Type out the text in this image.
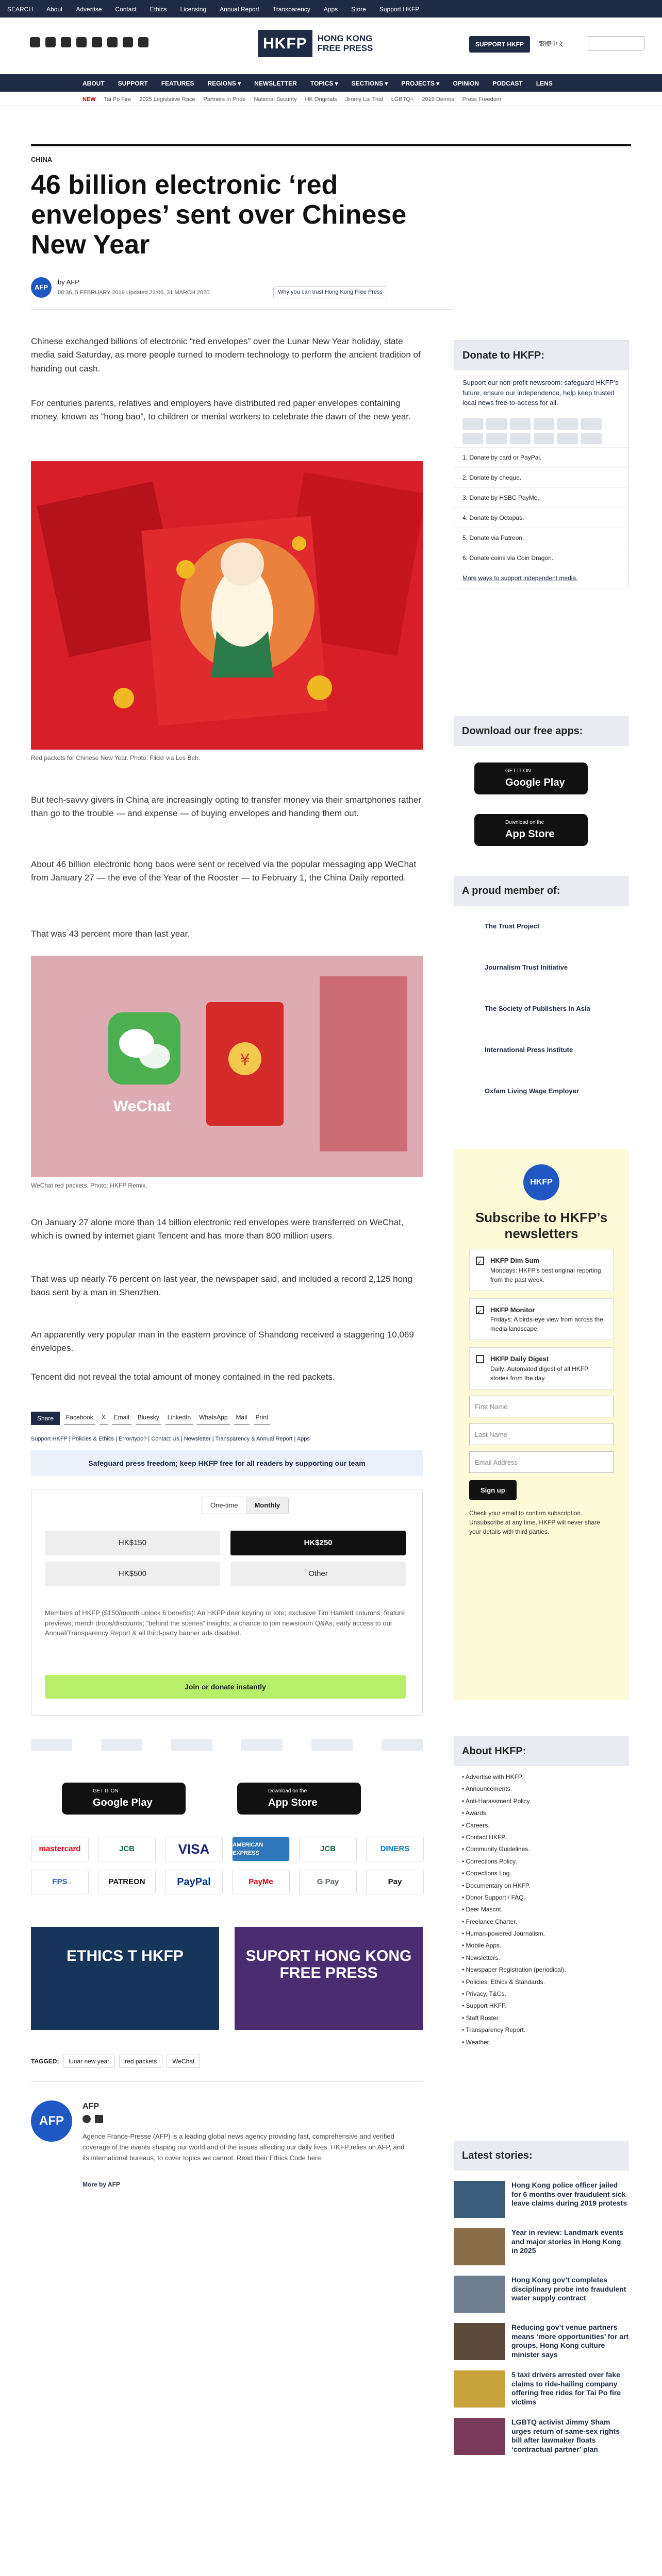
SEARCH About Advertise Contact Ethics Licensing Annual Report Transparency Apps Store Support HKFP
HKFP	HONG KONG
FREE PRESS	SUPPORT HKFP	繁體中文
ABOUT SUPPORT FEATURES REGIONS ▾ NEWSLETTER TOPICS ▾ SECTIONS ▾ PROJECTS ▾ OPINION PODCAST LENS
NEW Tai Po Fire 2025 Legislative Race Partners in Pride National Security HK Originals Jimmy Lai Trial LGBTQ+ 2019 Demos Press Freedom
CHINA
46 billion electronic ‘red envelopes’ sent over Chinese New Year
AFP
by AFP
08:36, 5 FEBRUARY 2019 Updated 23:06, 31 MARCH 2020	Why you can trust Hong Kong Free Press

Chinese exchanged billions of electronic “red envelopes” over the Lunar New Year holiday, state media said Saturday, as more people turned to modern technology to perform the ancient tradition of handing out cash.

For centuries parents, relatives and employers have distributed red paper envelopes containing money, known as “hong bao”, to children or menial workers to celebrate the dawn of the new year.

Red packets for Chinese New Year. Photo: Flickr via Les Beh.

But tech-savvy givers in China are increasingly opting to transfer money via their smartphones rather than go to the trouble — and expense — of buying envelopes and handing them out.

About 46 billion electronic hong baos were sent or received via the popular messaging app WeChat from January 27 — the eve of the Year of the Rooster — to February 1, the China Daily reported.

That was 43 percent more than last year.

¥
WeChat
WeChat red packets. Photo: HKFP Remix.

On January 27 alone more than 14 billion electronic red envelopes were transferred on WeChat, which is owned by internet giant Tencent and has more than 800 million users.

That was up nearly 76 percent on last year, the newspaper said, and included a record 2,125 hong baos sent by a man in Shenzhen.

An apparently very popular man in the eastern province of Shandong received a staggering 10,069 envelopes.

Tencent did not reveal the total amount of money contained in the red packets.

Share	Facebook	X	Email	Bluesky	LinkedIn	WhatsApp	Mail	Print
Support HKFP | Policies & Ethics | Error/typo? | Contact Us | Newsletter | Transparency & Annual Report | Apps
Safeguard press freedom; keep HKFP free for all readers by supporting our team
One-time	Monthly
HK$150	HK$250
HK$500	Other
Members of HKFP ($150/month unlock 6 benefits): An HKFP deer keyring or tote; exclusive Tim Hamlett columns; feature previews; merch drops/discounts; “behind the scenes” insights; a chance to join newsroom Q&As; early access to our Annual/Transparency Report & all third-party banner ads disabled.
Join or donate instantly
GET IT ON
Google Play
Download on the
App Store
mastercard	JCB	VISA	AMERICAN EXPRESS
JCB	DINERS
FPS	PATREON	PayPal	PayMe	G Pay	Pay
ETHICS T HKFP	SUPORT HONG KONG FREE PRESS
TAGGED:	lunar new year	red packets	WeChat
AFP
AFP

Agence France-Presse (AFP) is a leading global news agency providing fast, comprehensive and verified coverage of the events shaping our world and of the issues affecting our daily lives. HKFP relies on AFP, and its international bureaus, to cover topics we cannot. Read their Ethics Code here.

More by AFP
Donate to HKFP:
Support our non-profit newsroom: safeguard HKFP’s future, ensure our independence, help keep trusted local news free-to-access for all.
1. Donate by card or PayPal.
2. Donate by cheque.
3. Donate by HSBC PayMe.
4. Donate by Octopus.
5. Donate via Patreon.
6. Donate coins via Coin Dragon.
More ways to support independent media.
Download our free apps:
GET IT ON
Google Play
Download on the
App Store
A proud member of:
The Trust Project
Journalism Trust Initiative
The Society of Publishers in Asia
International Press Institute
Oxfam Living Wage Employer
HKFP
Subscribe to HKFP’s newsletters
✓	HKFP Dim Sum
Mondays: HKFP’s best original reporting from the past week.
✓	HKFP Monitor
Fridays: A birds-eye view from across the media landscape.
HKFP Daily Digest
Daily: Automated digest of all HKFP stories from the day.
First Name
Last Name
Email Address
Sign up

Check your email to confirm subscription. Unsubscribe at any time. HKFP will never share your details with third parties.

About HKFP:
• Advertise with HKFP.
• Announcements.
• Anti-Harassment Policy.
• Awards.
• Careers.
• Contact HKFP.
• Community Guidelines.
• Corrections Policy.
• Corrections Log.
• Documentary on HKFP.
• Donor Support / FAQ.
• Deer Mascot.
• Freelance Charter.
• Human-powered Journalism.
• Mobile Apps.
• Newsletters.
• Newspaper Registration (periodical).
• Policies, Ethics & Standards.
• Privacy, T&Cs.
• Support HKFP.
• Staff Roster.
• Transparency Report.
• Weather.
Latest stories:

Hong Kong police officer jailed for 6 months over fraudulent sick leave claims during 2019 protests

Year in review: Landmark events and major stories in Hong Kong in 2025

Hong Kong gov’t completes disciplinary probe into fraudulent water supply contract

Reducing gov’t venue partners means ‘more opportunities’ for art groups, Hong Kong culture minister says

5 taxi drivers arrested over fake claims to ride-hailing company offering free rides for Tai Po fire victims

LGBTQ activist Jimmy Sham urges return of same-sex rights bill after lawmaker floats ‘contractual partner’ plan
